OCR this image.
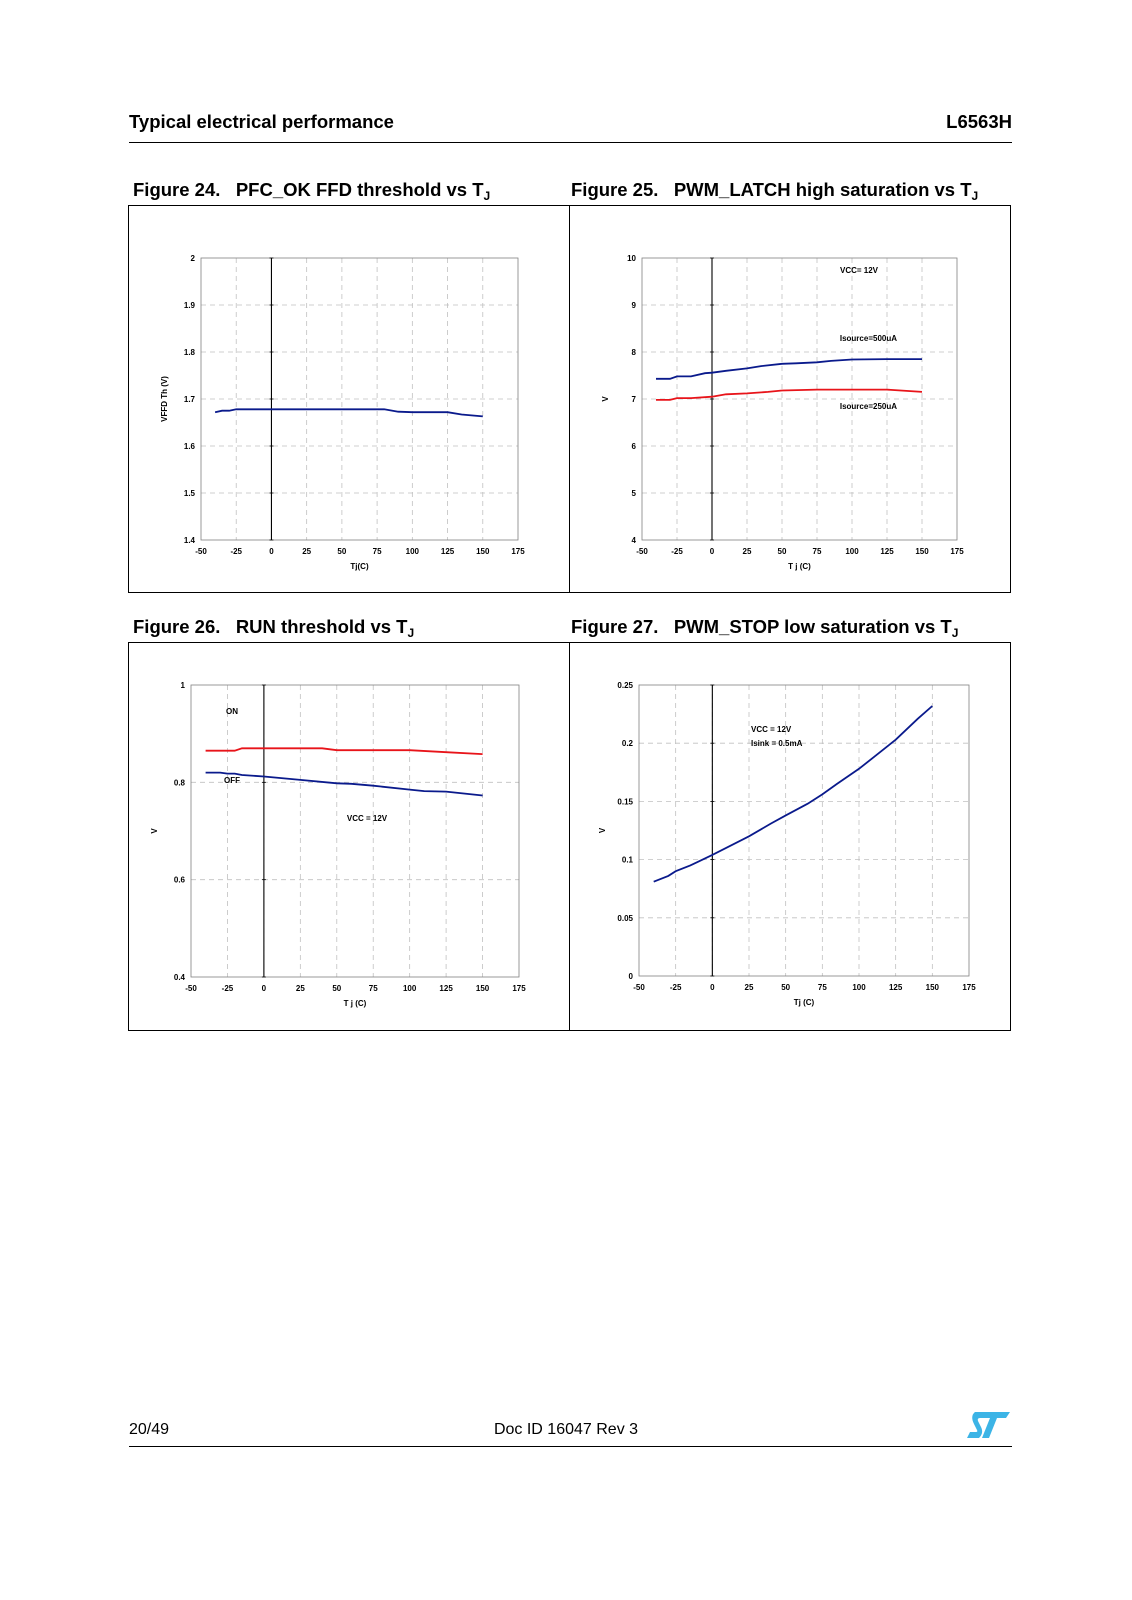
Typical electrical performance	L6563H
Figure 24. PFC_OK FFD threshold vs $T_J$	Figure 25. PWM_LATCH high saturation vs $T_J$
Figure 26. RUN threshold vs $T_J$	Figure 27. PWM_STOP low saturation vs $T_J$
-50	-25	0	25	50	75	100	125	150	175
1.4
1.5
1.6
1.7
1.8
1.9
2
Tj(C)
VFFD Th (V)
-50	-25	0	25	50	75	100	125	150	175
4
5
6
7
8
9
10
T j (C)
V
VCC= 12V
Isource=500uA
Isource=250uA
-50	-25	0	25	50	75	100	125	150	175
0.4
0.6
0.8
1
T j (C)
V
ON
OFF
VCC = 12V
-50	-25	0	25	50	75	100	125	150	175
0
0.05
0.1
0.15
0.2
0.25
Tj (C)
V
VCC = 12V
Isink = 0.5mA
20/49	Doc ID 16047 Rev 3
